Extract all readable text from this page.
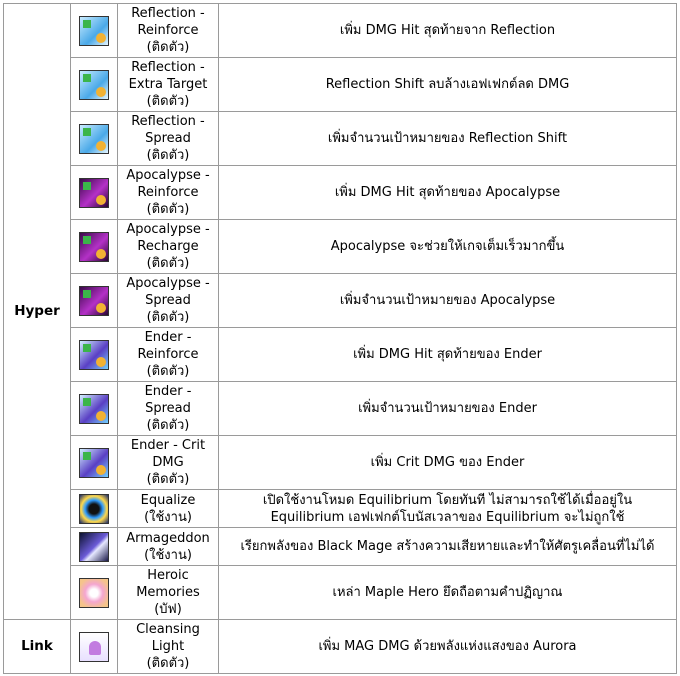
Hyper		Reflection -
Reinforce
(ติดตัว)	เพิ่ม DMG Hit สุดท้ายจาก Reflection

		Reflection -
Extra Target
(ติดตัว)	Reflection Shift ลบล้างเอฟเฟกต์ลด DMG

		Reflection -
Spread
(ติดตัว)	เพิ่มจำนวนเป้าหมายของ Reflection Shift

		Apocalypse -
Reinforce
(ติดตัว)	เพิ่ม DMG Hit สุดท้ายของ Apocalypse

		Apocalypse -
Recharge
(ติดตัว)	Apocalypse จะช่วยให้เกจเต็มเร็วมากขึ้น

		Apocalypse -
Spread
(ติดตัว)	เพิ่มจำนวนเป้าหมายของ Apocalypse

		Ender -
Reinforce
(ติดตัว)	เพิ่ม DMG Hit สุดท้ายของ Ender

		Ender -
Spread
(ติดตัว)	เพิ่มจำนวนเป้าหมายของ Ender

		Ender - Crit
DMG
(ติดตัว)	เพิ่ม Crit DMG ของ Ender

		Equalize
(ใช้งาน)	เปิดใช้งานโหมด Equilibrium โดยทันที ไม่สามารถใช้ได้เมื่ออยู่ใน Equilibrium เอฟเฟกต์โบนัสเวลาของ Equilibrium จะไม่ถูกใช้

		Armageddon
(ใช้งาน)	เรียกพลังของ Black Mage สร้างความเสียหายและทำให้ศัตรูเคลื่อนที่ไม่ได้

		Heroic
Memories
(บัฟ)	เหล่า Maple Hero ยึดถือตามคำปฏิญาณ
Link		Cleansing
Light
(ติดตัว)	เพิ่ม MAG DMG ด้วยพลังแห่งแสงของ Aurora
